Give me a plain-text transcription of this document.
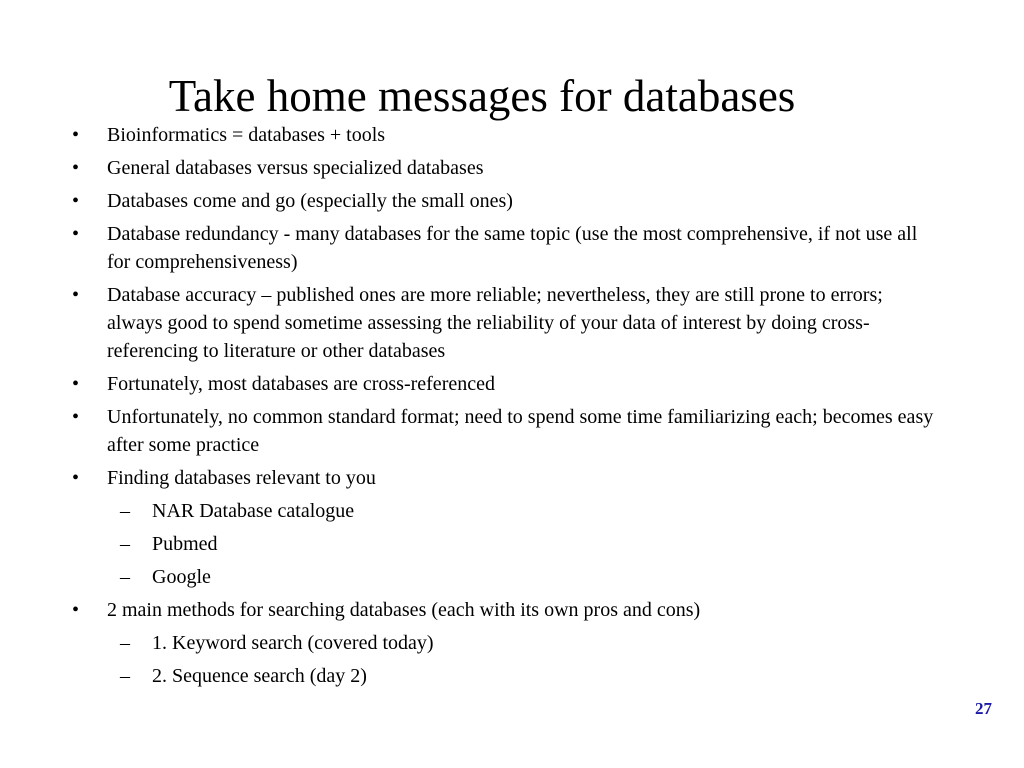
Take home messages for databases
• Bioinformatics = databases + tools
• General databases versus specialized databases
• Databases come and go (especially the small ones)
• Database redundancy - many databases for the same topic (use the most comprehensive, if not use all for comprehensiveness)
• Database accuracy – published ones are more reliable; nevertheless, they are still prone to errors; always good to spend sometime assessing the reliability of your data of interest by doing cross-referencing to literature or other databases
• Fortunately, most databases are cross-referenced
• Unfortunately, no common standard format; need to spend some time familiarizing each; becomes easy after some practice
• Finding databases relevant to you
– NAR Database catalogue
– Pubmed
– Google
• 2 main methods for searching databases (each with its own pros and cons)
– 1. Keyword search (covered today)
– 2. Sequence search (day 2)
27
